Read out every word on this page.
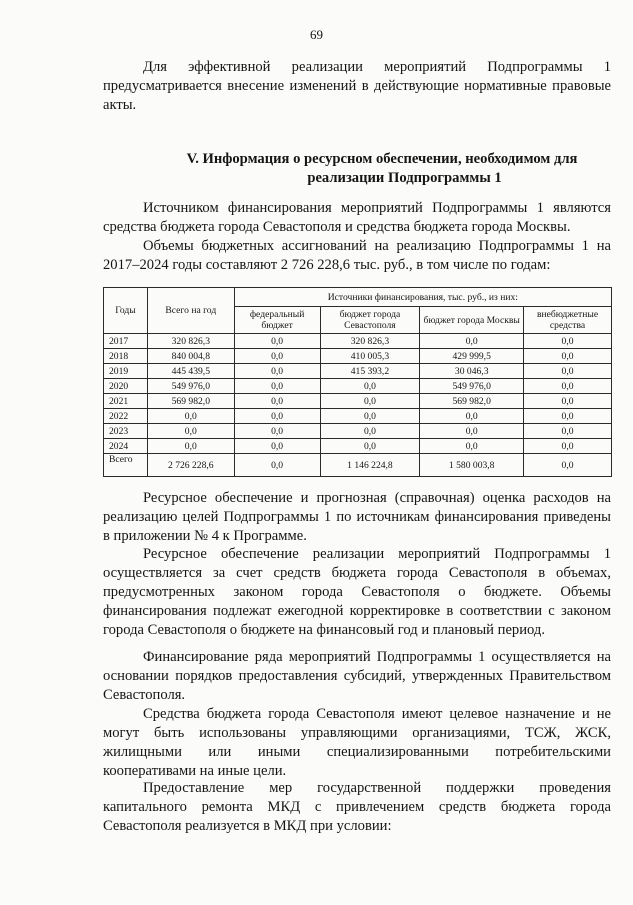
69

Для эффективной реализации мероприятий Подпрограммы 1 предусматривается внесение изменений в действующие нормативные правовые акты.

V. Информация о ресурсном обеспечении, необходимом для
реализации Подпрограммы 1

Источником финансирования мероприятий Подпрограммы 1 являются средства бюджета города Севастополя и средства бюджета города Москвы.

Объемы бюджетных ассигнований на реализацию Подпрограммы 1 на 2017–2024 годы составляют 2 726 228,6 тыс. руб., в том числе по годам:

Годы	Всего на год	Источники финансирования, тыс. руб., из них:			
		федеральный бюджет	бюджет города Севастополя	бюджет города Москвы	внебюджетные средства
2017	320 826,3	0,0	320 826,3	0,0	0,0
2018	840 004,8	0,0	410 005,3	429 999,5	0,0
2019	445 439,5	0,0	415 393,2	30 046,3	0,0
2020	549 976,0	0,0	0,0	549 976,0	0,0
2021	569 982,0	0,0	0,0	569 982,0	0,0
2022	0,0	0,0	0,0	0,0	0,0
2023	0,0	0,0	0,0	0,0	0,0
2024	0,0	0,0	0,0	0,0	0,0
Всего	2 726 228,6	0,0	1 146 224,8	1 580 003,8	0,0

Ресурсное обеспечение и прогнозная (справочная) оценка расходов на реализацию целей Подпрограммы 1 по источникам финансирования приведены в приложении № 4 к Программе.

Ресурсное обеспечение реализации мероприятий Подпрограммы 1 осуществляется за счет средств бюджета города Севастополя в объемах, предусмотренных законом города Севастополя о бюджете. Объемы финансирования подлежат ежегодной корректировке в соответствии с законом города Севастополя о бюджете на финансовый год и плановый период.

Финансирование ряда мероприятий Подпрограммы 1 осуществляется на основании порядков предоставления субсидий, утвержденных Правительством Севастополя.

Средства бюджета города Севастополя имеют целевое назначение и не могут быть использованы управляющими организациями, ТСЖ, ЖСК, жилищными или иными специализированными потребительскими кооперативами на иные цели.

Предоставление мер государственной поддержки проведения капитального ремонта МКД с привлечением средств бюджета города Севастополя реализуется в МКД при условии:
